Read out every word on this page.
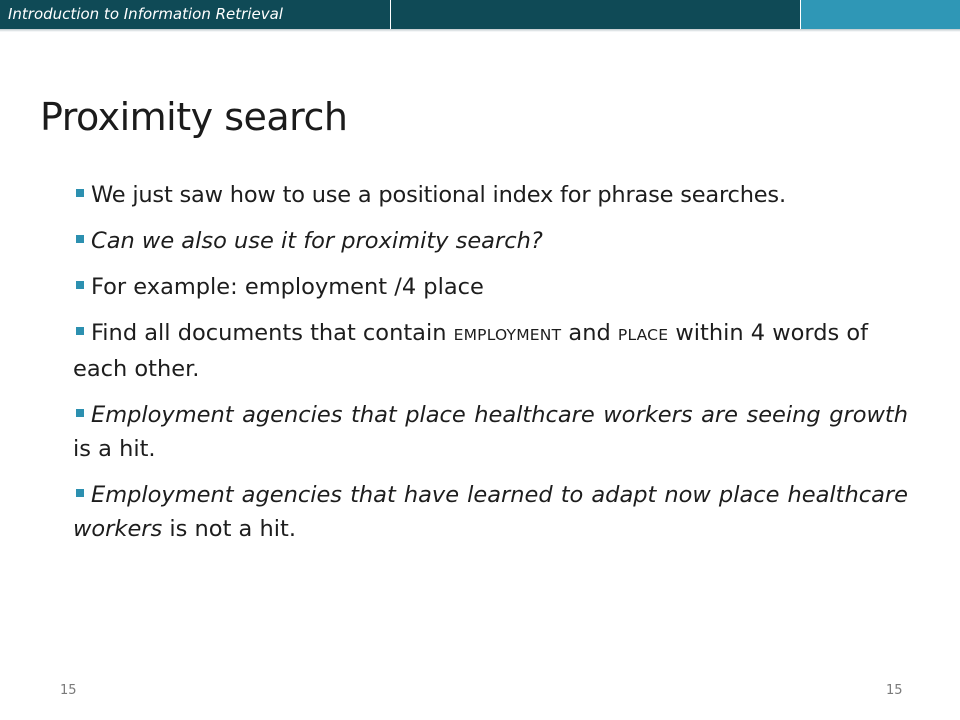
Introduction to Information Retrieval
Proximity search
We just saw how to use a positional index for phrase searches.
Can we also use it for proximity search?
For example: employment /4 place
Find all documents that contain EMPLOYMENT and PLACE within 4 words of each other.
Employment agencies that place healthcare workers are seeing growth is a hit.
Employment agencies that have learned to adapt now place healthcare workers is not a hit.
15	15
